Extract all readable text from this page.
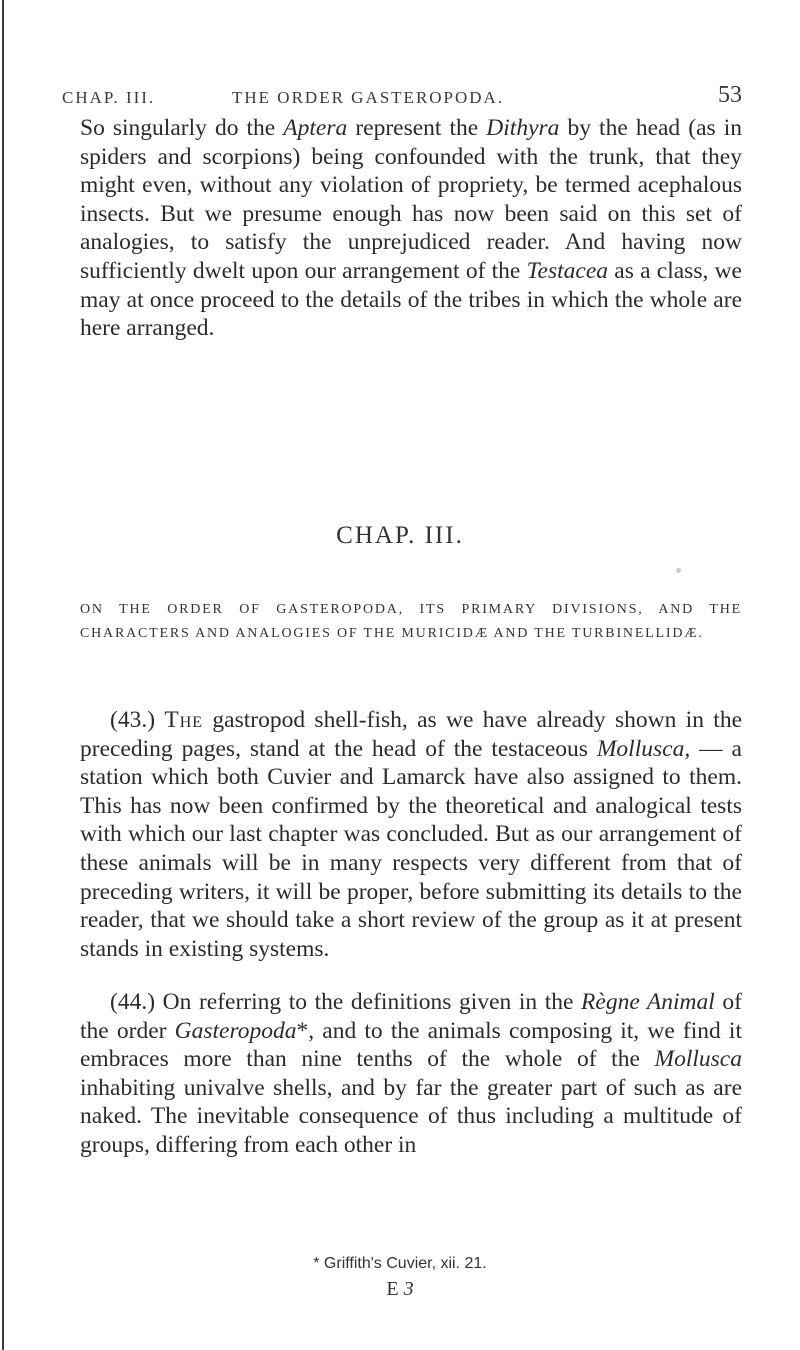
CHAP. III.	THE ORDER GASTEROPODA.	53

So singularly do the Aptera represent the Dithyra by the head (as in spiders and scorpions) being confounded with the trunk, that they might even, without any violation of propriety, be termed acephalous insects. But we presume enough has now been said on this set of analogies, to satisfy the unprejudiced reader. And having now sufficiently dwelt upon our arrangement of the Testacea as a class, we may at once proceed to the details of the tribes in which the whole are here arranged.

CHAP. III.
ON THE ORDER OF GASTEROPODA, ITS PRIMARY DIVISIONS, AND THE CHARACTERS AND ANALOGIES OF THE MURICIDÆ AND THE TURBINELLIDÆ.

(43.) The gastropod shell-fish, as we have already shown in the preceding pages, stand at the head of the testaceous Mollusca, — a station which both Cuvier and Lamarck have also assigned to them. This has now been confirmed by the theoretical and analogical tests with which our last chapter was concluded. But as our arrangement of these animals will be in many respects very different from that of preceding writers, it will be proper, before submitting its details to the reader, that we should take a short review of the group as it at present stands in existing systems.

(44.) On referring to the definitions given in the Règne Animal of the order Gasteropoda*, and to the animals composing it, we find it embraces more than nine tenths of the whole of the Mollusca inhabiting univalve shells, and by far the greater part of such as are naked. The inevitable consequence of thus including a multitude of groups, differing from each other in

* Griffith's Cuvier, xii. 21.
E 3
